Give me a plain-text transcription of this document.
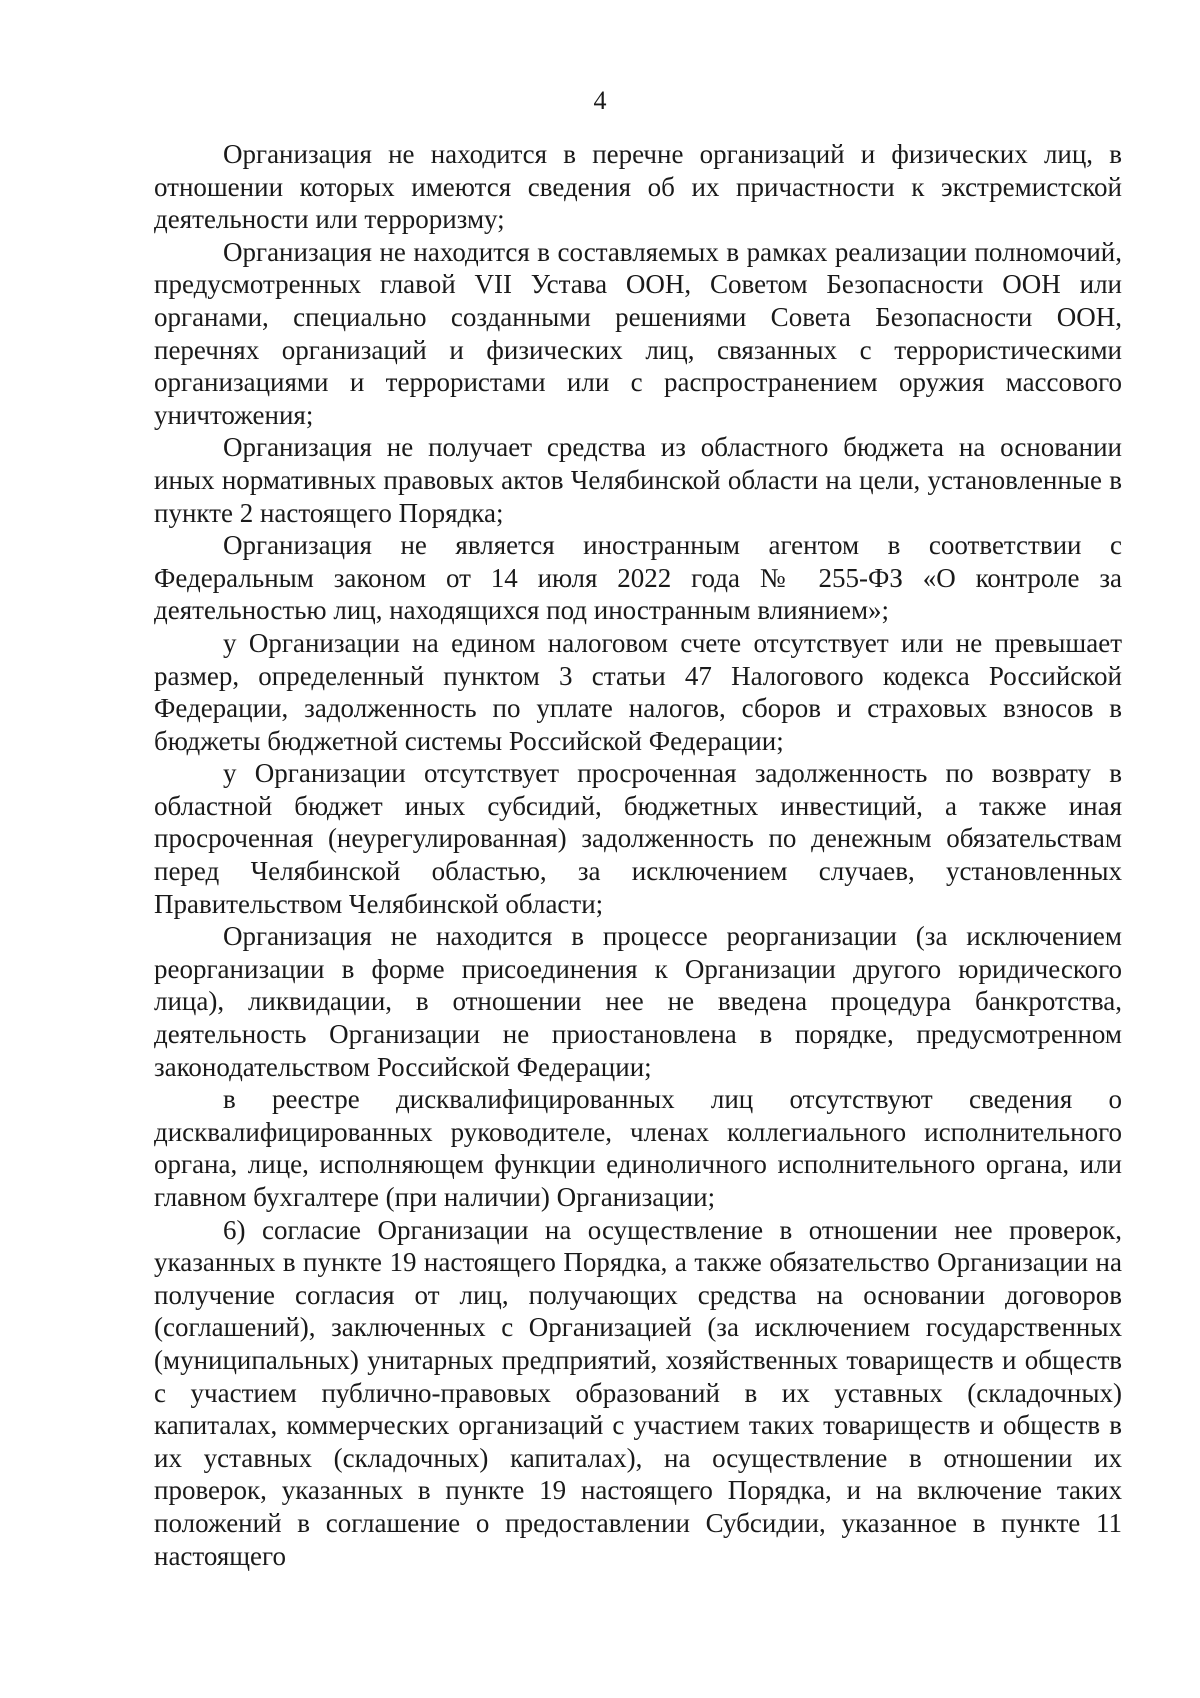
4

Организация не находится в перечне организаций и физических лиц, в отношении которых имеются сведения об их причастности к экстремистской деятельности или терроризму;

Организация не находится в составляемых в рамках реализации полномочий, предусмотренных главой VII Устава ООН, Советом Безопасности ООН или органами, специально созданными решениями Совета Безопасности ООН, перечнях организаций и физических лиц, связанных с террористическими организациями и террористами или с распространением оружия массового уничтожения;

Организация не получает средства из областного бюджета на основании иных нормативных правовых актов Челябинской области на цели, установленные в пункте 2 настоящего Порядка;

Организация не является иностранным агентом в соответствии с Федеральным законом от 14 июля 2022 года № 255-ФЗ «О контроле за деятельностью лиц, находящихся под иностранным влиянием»;

у Организации на едином налоговом счете отсутствует или не превышает размер, определенный пунктом 3 статьи 47 Налогового кодекса Российской Федерации, задолженность по уплате налогов, сборов и страховых взносов в бюджеты бюджетной системы Российской Федерации;

у Организации отсутствует просроченная задолженность по возврату в областной бюджет иных субсидий, бюджетных инвестиций, а также иная просроченная (неурегулированная) задолженность по денежным обязательствам перед Челябинской областью, за исключением случаев, установленных Правительством Челябинской области;

Организация не находится в процессе реорганизации (за исключением реорганизации в форме присоединения к Организации другого юридического лица), ликвидации, в отношении нее не введена процедура банкротства, деятельность Организации не приостановлена в порядке, предусмотренном законодательством Российской Федерации;

в реестре дисквалифицированных лиц отсутствуют сведения о дисквалифицированных руководителе, членах коллегиального исполнительного органа, лице, исполняющем функции единоличного исполнительного органа, или главном бухгалтере (при наличии) Организации;

6) согласие Организации на осуществление в отношении нее проверок, указанных в пункте 19 настоящего Порядка, а также обязательство Организации на получение согласия от лиц, получающих средства на основании договоров (соглашений), заключенных с Организацией (за исключением государственных (муниципальных) унитарных предприятий, хозяйственных товариществ и обществ с участием публично-правовых образований в их уставных (складочных) капиталах, коммерческих организаций с участием таких товариществ и обществ в их уставных (складочных) капиталах), на осуществление в отношении их проверок, указанных в пункте 19 настоящего Порядка, и на включение таких положений в соглашение о предоставлении Субсидии, указанное в пункте 11 настоящего
